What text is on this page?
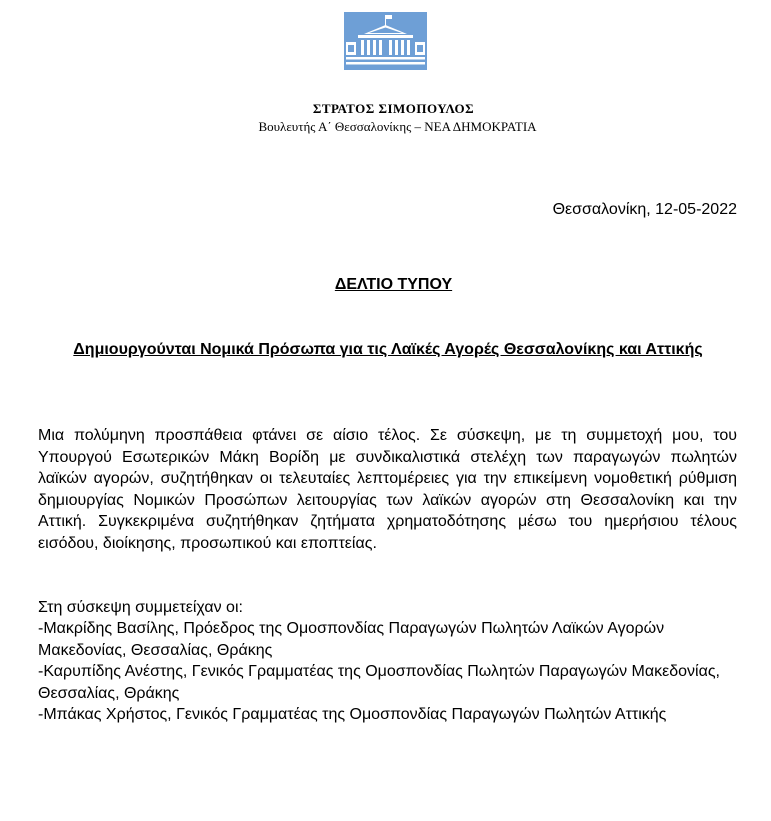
ΣΤΡΑΤΟΣ ΣΙΜΟΠΟΥΛΟΣ
Βουλευτής Α΄ Θεσσαλονίκης – ΝΕΑ ΔΗΜΟΚΡΑΤΙΑ
Θεσσαλονίκη, 12-05-2022
ΔΕΛΤΙΟ ΤΥΠΟΥ
Δημιουργούνται Νομικά Πρόσωπα για τις Λαϊκές Αγορές Θεσσαλονίκης και Αττικής
Μια πολύμηνη προσπάθεια φτάνει σε αίσιο τέλος. Σε σύσκεψη, με τη συμμετοχή μου, του Υπουργού Εσωτερικών Μάκη Βορίδη με συνδικαλιστικά στελέχη των παραγωγών πωλητών λαϊκών αγορών, συζητήθηκαν οι τελευταίες λεπτομέρειες για την επικείμενη νομοθετική ρύθμιση δημιουργίας Νομικών Προσώπων λειτουργίας των λαϊκών αγορών στη Θεσσαλονίκη και την Αττική. Συγκεκριμένα συζητήθηκαν ζητήματα χρηματοδότησης μέσω του ημερήσιου τέλους εισόδου, διοίκησης, προσωπικού και εποπτείας.
Στη σύσκεψη συμμετείχαν οι:
-Μακρίδης Βασίλης, Πρόεδρος της Ομοσπονδίας Παραγωγών Πωλητών Λαϊκών Αγορών Μακεδονίας, Θεσσαλίας, Θράκης
-Καρυπίδης Ανέστης, Γενικός Γραμματέας της Ομοσπονδίας Πωλητών Παραγωγών Μακεδονίας, Θεσσαλίας, Θράκης
-Μπάκας Χρήστος, Γενικός Γραμματέας της Ομοσπονδίας Παραγωγών Πωλητών Αττικής
